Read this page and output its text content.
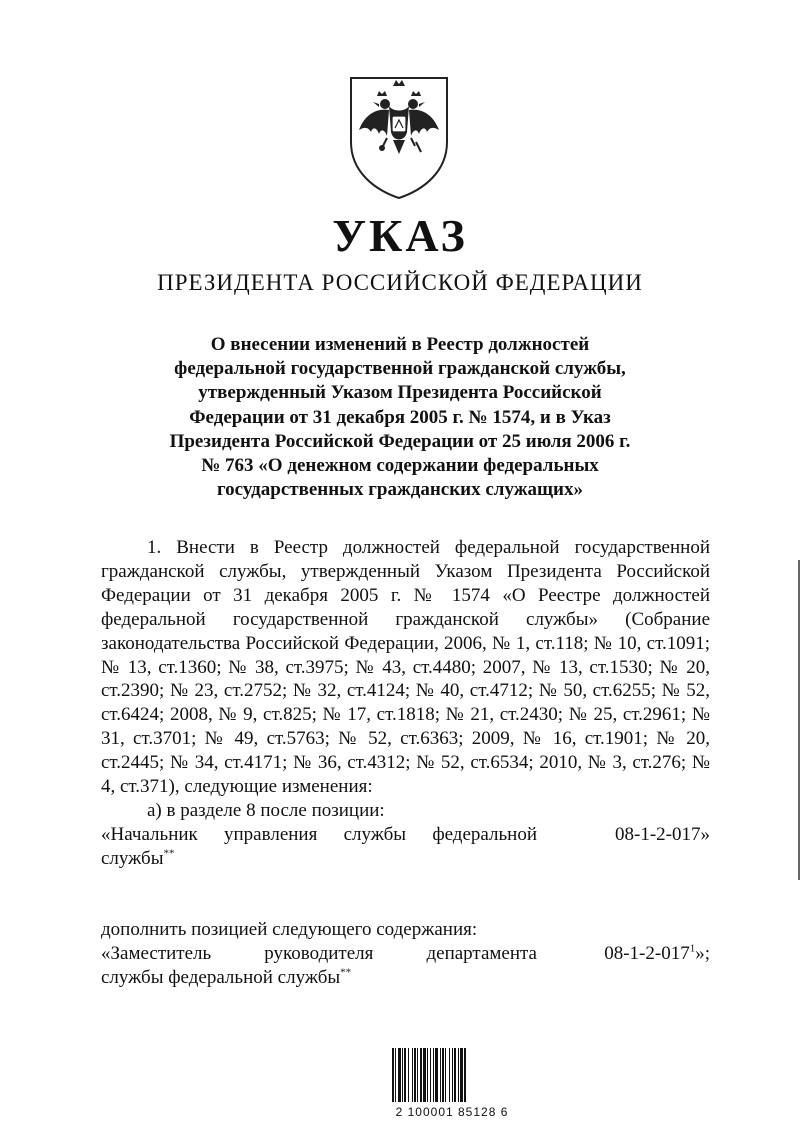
УКАЗ
ПРЕЗИДЕНТА РОССИЙСКОЙ ФЕДЕРАЦИИ
О внесении изменений в Реестр должностей
федеральной государственной гражданской службы,
утвержденный Указом Президента Российской
Федерации от 31 декабря 2005 г. № 1574, и в Указ
Президента Российской Федерации от 25 июля 2006 г.
№ 763 «О денежном содержании федеральных
государственных гражданских служащих»

1. Внести в Реестр должностей федеральной государственной гражданской службы, утвержденный Указом Президента Российской Федерации от 31 декабря 2005 г. № 1574 «О Реестре должностей федеральной государственной гражданской службы» (Собрание законодательства Российской Федерации, 2006, № 1, ст.118; № 10, ст.1091; № 13, ст.1360; № 38, ст.3975; № 43, ст.4480; 2007, № 13, ст.1530; № 20, ст.2390; № 23, ст.2752; № 32, ст.4124; № 40, ст.4712; № 50, ст.6255; № 52, ст.6424; 2008, № 9, ст.825; № 17, ст.1818; № 21, ст.2430; № 25, ст.2961; № 31, ст.3701; № 49, ст.5763; № 52, ст.6363; 2009, № 16, ст.1901; № 20, ст.2445; № 34, ст.4171; № 36, ст.4312; № 52, ст.6534; 2010, № 3, ст.276; № 4, ст.371), следующие изменения:

а) в разделе 8 после позиции:

«Начальник управления службы федеральной
службы**
08-1-2-017»

дополнить позицией следующего содержания:

«Заместитель руководителя департамента
службы федеральной службы**
$08-1-2-017^1$»;
2 100001 85128 6
